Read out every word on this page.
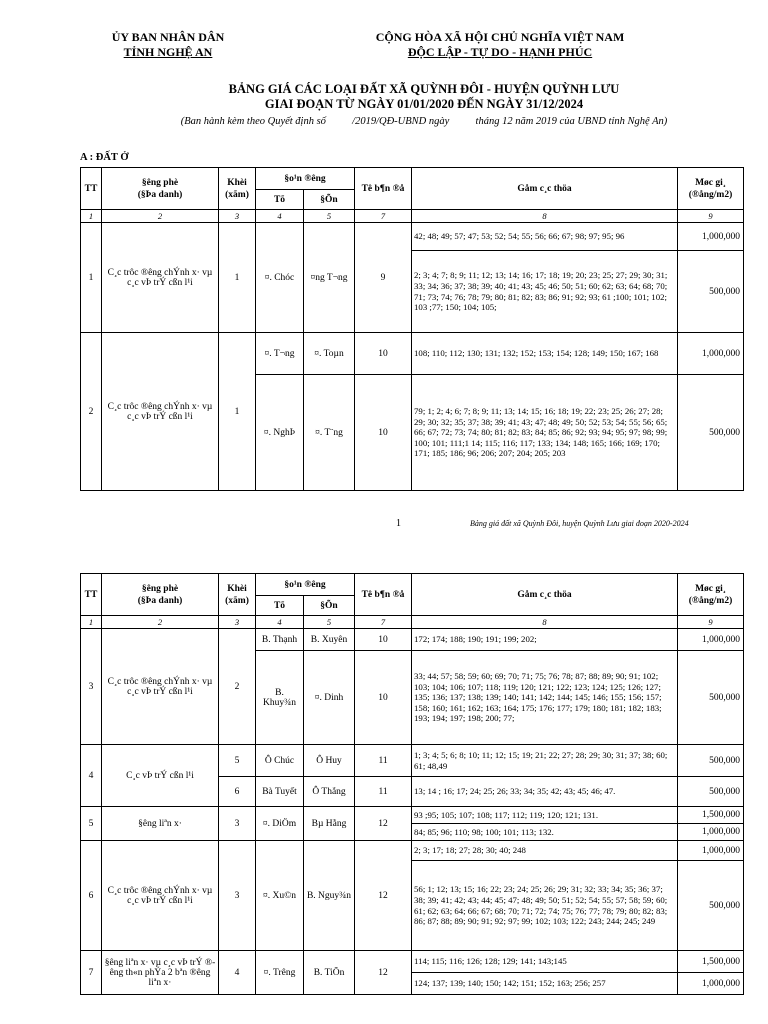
ỦY BAN NHÂN DÂN
TỈNH NGHỆ AN
CỘNG HÒA XÃ HỘI CHỦ NGHĨA VIỆT NAM
ĐỘC LẬP - TỰ DO - HẠNH PHÚC
BẢNG GIÁ CÁC LOẠI ĐẤT XÃ QUỲNH ĐÔI - HUYỆN QUỲNH LƯU
GIAI ĐOẠN TỪ NGÀY 01/01/2020 ĐẾN NGÀY 31/12/2024
(Ban hành kèm theo Quyết định số          /2019/QĐ-UBND ngày          tháng 12 năm 2019 của UBND tỉnh Nghệ An)
A : ĐẤT Ở
TT	§êng phè
(§Þa danh)	Khèi
(xãm)	§o¹n ®êng		Tê b¶n ®å	Gåm c¸c thöa	Møc gi¸
(®ång/m2)
			Tõ	§Õn			
1	2	3	4	5	7	8	9
1	C¸c trôc ®êng chÝnh x· vµ c¸c vÞ trÝ cßn l¹i	1	¤. Chóc	¤ng T¬ng	9	42; 48; 49; 57; 47; 53; 52; 54; 55; 56; 66; 67; 98; 97; 95; 96	1,000,000
						2; 3; 4; 7; 8; 9; 11; 12; 13; 14; 16; 17; 18; 19; 20; 23; 25; 27; 29; 30; 31; 33; 34; 36; 37; 38; 39; 40; 41; 43; 45; 46; 50; 51; 60; 62; 63; 64; 68; 70; 71; 73; 74; 76; 78; 79; 80; 81; 82; 83; 86; 91; 92; 93; 61 ;100; 101; 102; 103 ;77; 150; 104; 105;	500,000
2	C¸c trôc ®êng chÝnh x· vµ c¸c vÞ trÝ cßn l¹i	1	¤. T¬ng	¤. Toµn	10	108; 110; 112; 130; 131; 132; 152; 153; 154; 128; 149; 150; 167; 168	1,000,000
			¤. NghÞ	¤. T¨ng	10	79; 1; 2; 4; 6; 7; 8; 9; 11; 13; 14; 15; 16; 18; 19; 22; 23; 25; 26; 27; 28; 29; 30; 32; 35; 37; 38; 39; 41; 43; 47; 48; 49; 50; 52; 53; 54; 55; 56; 65; 66; 67; 72; 73; 74; 80; 81; 82; 83; 84; 85; 86; 92; 93; 94; 95; 97; 98; 99; 100; 101; 111;1 14; 115; 116; 117; 133; 134; 148; 165; 166; 169; 170; 171; 185; 186; 96; 206; 207; 204; 205; 203	500,000
1	Bảng giá đất xã Quỳnh Đôi, huyện Quỳnh Lưu giai đoạn 2020-2024
TT	§êng phè
(§Þa danh)	Khèi
(xãm)	§o¹n ®êng		Tê b¶n ®å	Gåm c¸c thöa	Møc gi¸
(®ång/m2)
			Tõ	§Õn			
1	2	3	4	5	7	8	9
3	C¸c trôc ®êng chÝnh x· vµ c¸c vÞ trÝ cßn l¹i	2	B. Thạnh	B. Xuyên	10	172; 174; 188; 190; 191; 199; 202;	1,000,000
			B. Khuy¾n	¤. Dinh	10	33; 44; 57; 58; 59; 60; 69; 70; 71; 75; 76; 78; 87; 88; 89; 90; 91; 102; 103; 104; 106; 107; 118; 119; 120; 121; 122; 123; 124; 125; 126; 127; 135; 136; 137; 138; 139; 140; 141; 142; 144; 145; 146; 155; 156; 157; 158; 160; 161; 162; 163; 164; 175; 176; 177; 179; 180; 181; 182; 183; 193; 194; 197; 198; 200; 77;	500,000
4	C¸c vÞ trÝ cßn l¹i	5	Ô Chúc	Ô Huy	11	1; 3; 4; 5; 6; 8; 10; 11; 12; 15; 19; 21; 22; 27; 28; 29; 30; 31; 37; 38; 60; 61; 48,49	500,000
		6	Bà Tuyết	Ô Thắng	11	13; 14 ; 16; 17; 24; 25; 26; 33; 34; 35; 42; 43; 45; 46; 47.	500,000
5	§êng liªn x·	3	¤. DiÖm	Bµ Hằng	12	93 ;95; 105; 107; 108; 117; 112; 119; 120; 121; 131.	1,500,000
						84; 85; 96; 110; 98; 100; 101; 113; 132.	1,000,000
6	C¸c trôc ®êng chÝnh x· vµ c¸c vÞ trÝ cßn l¹i	3	¤. Xu©n	B. Nguy¾n	12	2; 3; 17; 18; 27; 28; 30; 40; 248	1,000,000
						56; 1; 12; 13; 15; 16; 22; 23; 24; 25; 26; 29; 31; 32; 33; 34; 35; 36; 37; 38; 39; 41; 42; 43; 44; 45; 47; 48; 49; 50; 51; 52; 54; 55; 57; 58; 59; 60; 61; 62; 63; 64; 66; 67; 68; 70; 71; 72; 74; 75; 76; 77; 78; 79; 80; 82; 83; 86; 87; 88; 89; 90; 91; 92; 97; 99; 102; 103; 122; 243; 244; 245; 249	500,000
7	§êng liªn x· vµ c¸c vÞ trÝ ®êng th«n phÝa 2 bªn ®êng liªn x·	4	¤. Trêng	B. TiÕn	12	114; 115; 116; 126; 128; 129; 141; 143;145	1,500,000
						124; 137; 139; 140; 150; 142; 151; 152; 163; 256; 257	1,000,000
